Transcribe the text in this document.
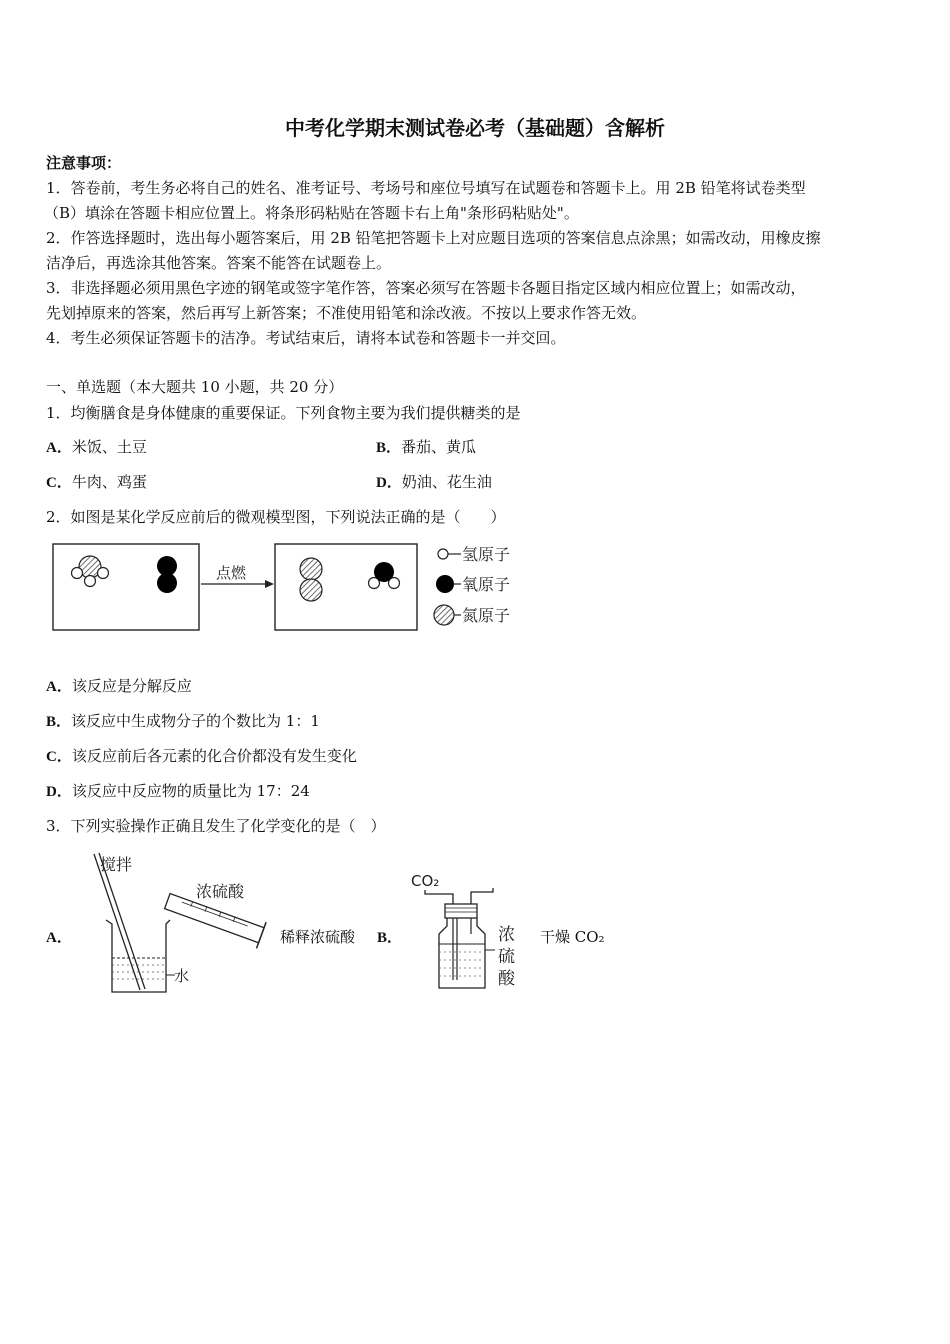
中考化学期末测试卷必考（基础题）含解析
注意事项：
1．答卷前，考生务必将自己的姓名、准考证号、考场号和座位号填写在试题卷和答题卡上。用 2B 铅笔将试卷类型
（B）填涂在答题卡相应位置上。将条形码粘贴在答题卡右上角"条形码粘贴处"。
2．作答选择题时，选出每小题答案后，用 2B 铅笔把答题卡上对应题目选项的答案信息点涂黑；如需改动，用橡皮擦
洁净后，再选涂其他答案。答案不能答在试题卷上。
3．非选择题必须用黑色字迹的钢笔或签字笔作答，答案必须写在答题卡各题目指定区域内相应位置上；如需改动，
先划掉原来的答案，然后再写上新答案；不准使用铅笔和涂改液。不按以上要求作答无效。
4．考生必须保证答题卡的洁净。考试结束后，请将本试卷和答题卡一并交回。
一、单选题（本大题共 10 小题，共 20 分）
1．均衡膳食是身体健康的重要保证。下列食物主要为我们提供糖类的是
A．米饭、土豆	B．番茄、黄瓜
C．牛肉、鸡蛋	D．奶油、花生油
2．如图是某化学反应前后的微观模型图，下列说法正确的是（　　）
点燃
氢原子
氧原子
氮原子
A．该反应是分解反应
B．该反应中生成物分子的个数比为 1：1
C．该反应前后各元素的化合价都没有发生变化
D．该反应中反应物的质量比为 17：24
3．下列实验操作正确且发生了化学变化的是（　）
A．
搅拌
水
浓硫酸
稀释浓硫酸 B．
CO₂
浓
硫
酸
干燥 CO₂
